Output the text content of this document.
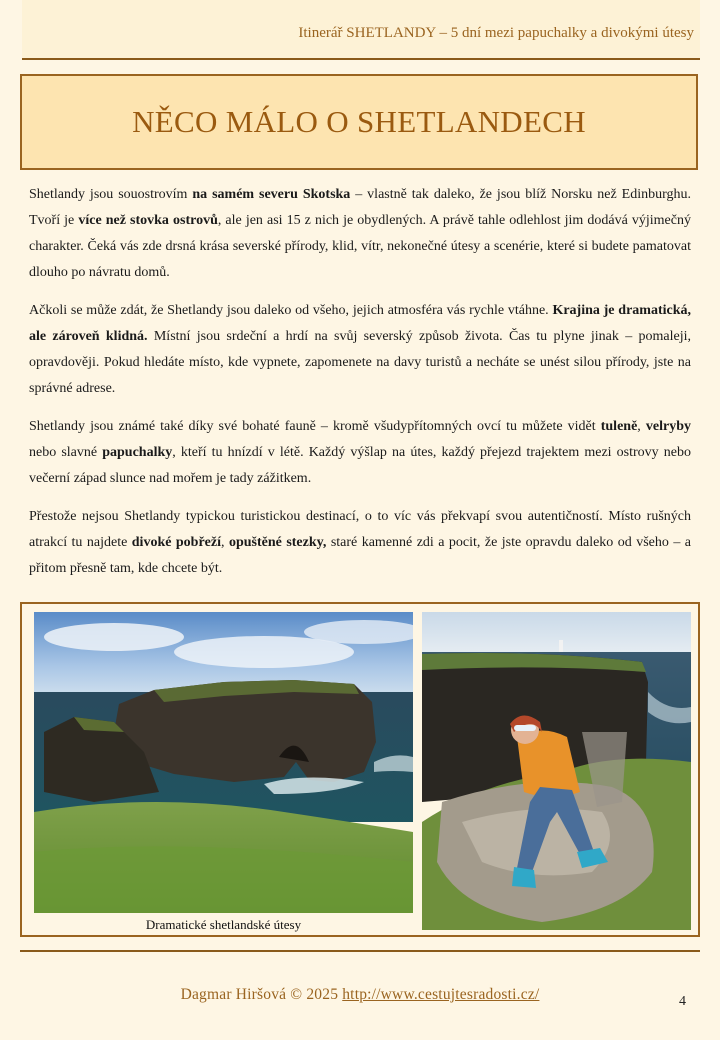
Itinerář SHETLANDY – 5 dní mezi papuchalky a divokými útesy
NĚCO MÁLO O SHETLANDECH

Shetlandy jsou souostrovím na samém severu Skotska – vlastně tak daleko, že jsou blíž Norsku než Edinburghu. Tvoří je více než stovka ostrovů, ale jen asi 15 z nich je obydlených. A právě tahle odlehlost jim dodává výjimečný charakter. Čeká vás zde drsná krása severské přírody, klid, vítr, nekonečné útesy a scenérie, které si budete pamatovat dlouho po návratu domů.

Ačkoli se může zdát, že Shetlandy jsou daleko od všeho, jejich atmosféra vás rychle vtáhne. Krajina je dramatická, ale zároveň klidná. Místní jsou srdeční a hrdí na svůj severský způsob života. Čas tu plyne jinak – pomaleji, opravdověji. Pokud hledáte místo, kde vypnete, zapomenete na davy turistů a necháte se unést silou přírody, jste na správné adrese.

Shetlandy jsou známé také díky své bohaté fauně – kromě všudypřítomných ovcí tu můžete vidět tuleně, velryby nebo slavné papuchalky, kteří tu hnízdí v létě. Každý výšlap na útes, každý přejezd trajektem mezi ostrovy nebo večerní západ slunce nad mořem je tady zážitkem.

Přestože nejsou Shetlandy typickou turistickou destinací, o to víc vás překvapí svou autentičností. Místo rušných atrakcí tu najdete divoké pobřeží, opuštěné stezky, staré kamenné zdi a pocit, že jste opravdu daleko od všeho – a přitom přesně tam, kde chcete být.

Dramatické shetlandské útesy
Dagmar Hiršová © 2025 http://www.cestujtesradosti.cz/	4
